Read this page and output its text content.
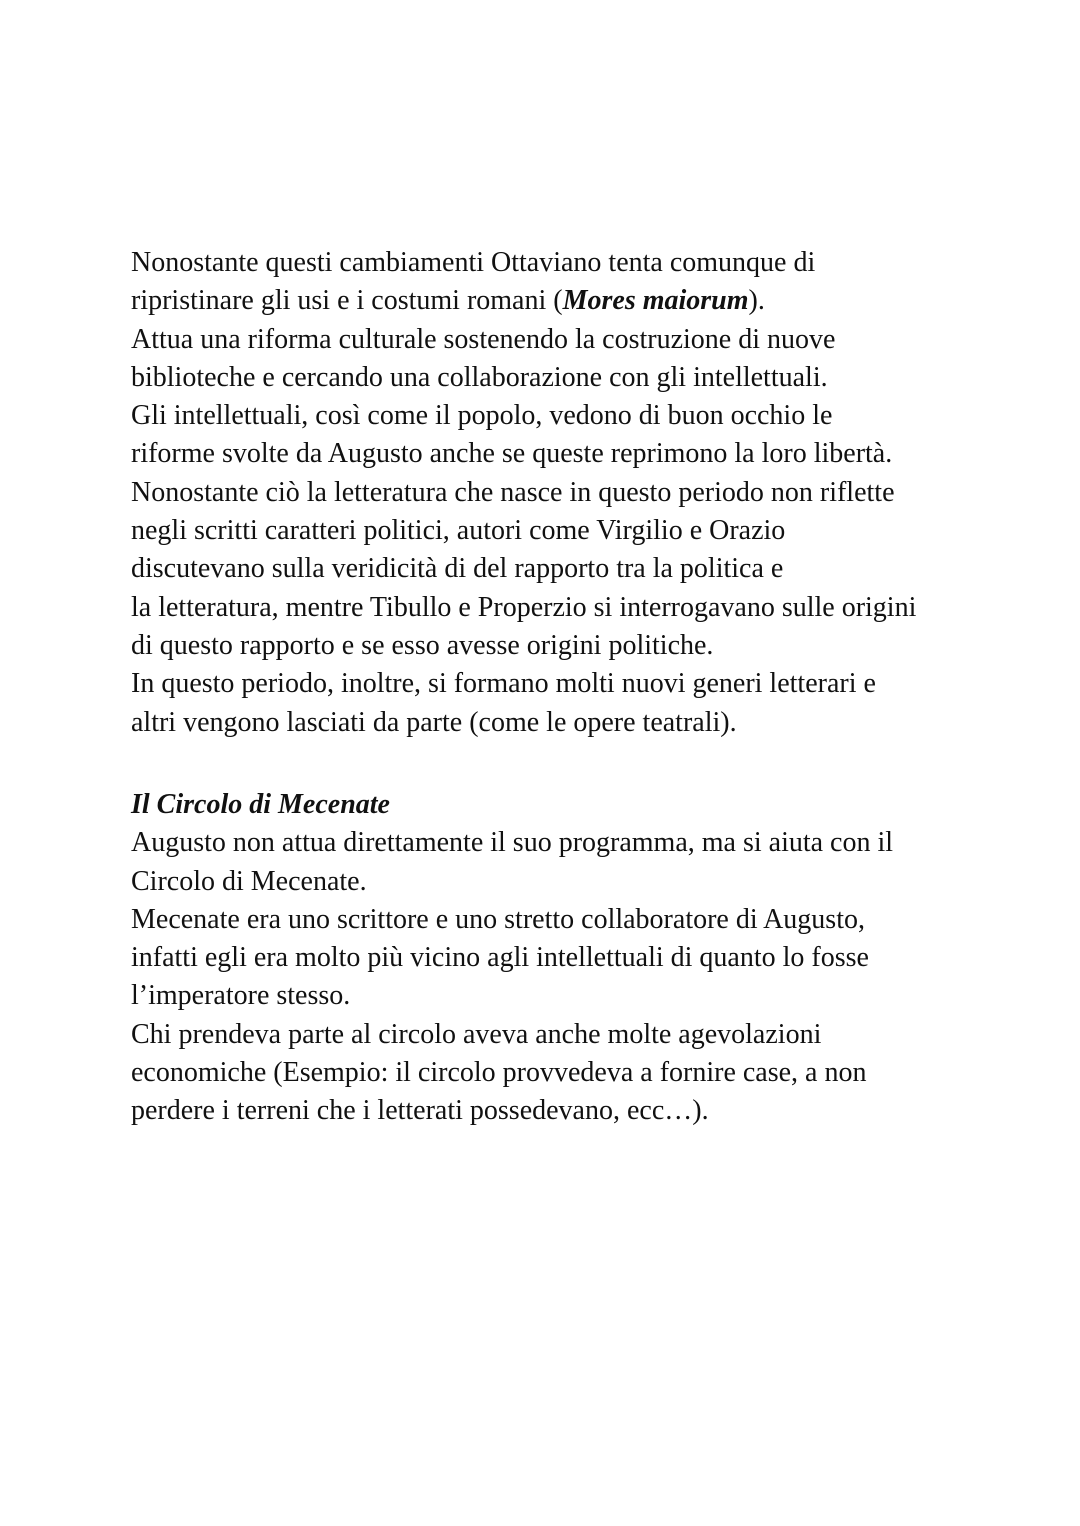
Nonostante questi cambiamenti Ottaviano tenta comunque di
ripristinare gli usi e i costumi romani (Mores maiorum).
Attua una riforma culturale sostenendo la costruzione di nuove
biblioteche e cercando una collaborazione con gli intellettuali.
Gli intellettuali, così come il popolo, vedono di buon occhio le
riforme svolte da Augusto anche se queste reprimono la loro libertà.
Nonostante ciò la letteratura che nasce in questo periodo non riflette
negli scritti caratteri politici, autori come Virgilio e Orazio
discutevano sulla veridicità di del rapporto tra la politica e
la letteratura, mentre Tibullo e Properzio si interrogavano sulle origini
di questo rapporto e se esso avesse origini politiche.
In questo periodo, inoltre, si formano molti nuovi generi letterari e
altri vengono lasciati da parte (come le opere teatrali).
Il Circolo di Mecenate
Augusto non attua direttamente il suo programma, ma si aiuta con il
Circolo di Mecenate.
Mecenate era uno scrittore e uno stretto collaboratore di Augusto,
infatti egli era molto più vicino agli intellettuali di quanto lo fosse
l’imperatore stesso.
Chi prendeva parte al circolo aveva anche molte agevolazioni
economiche (Esempio: il circolo provvedeva a fornire case, a non
perdere i terreni che i letterati possedevano, ecc…).
